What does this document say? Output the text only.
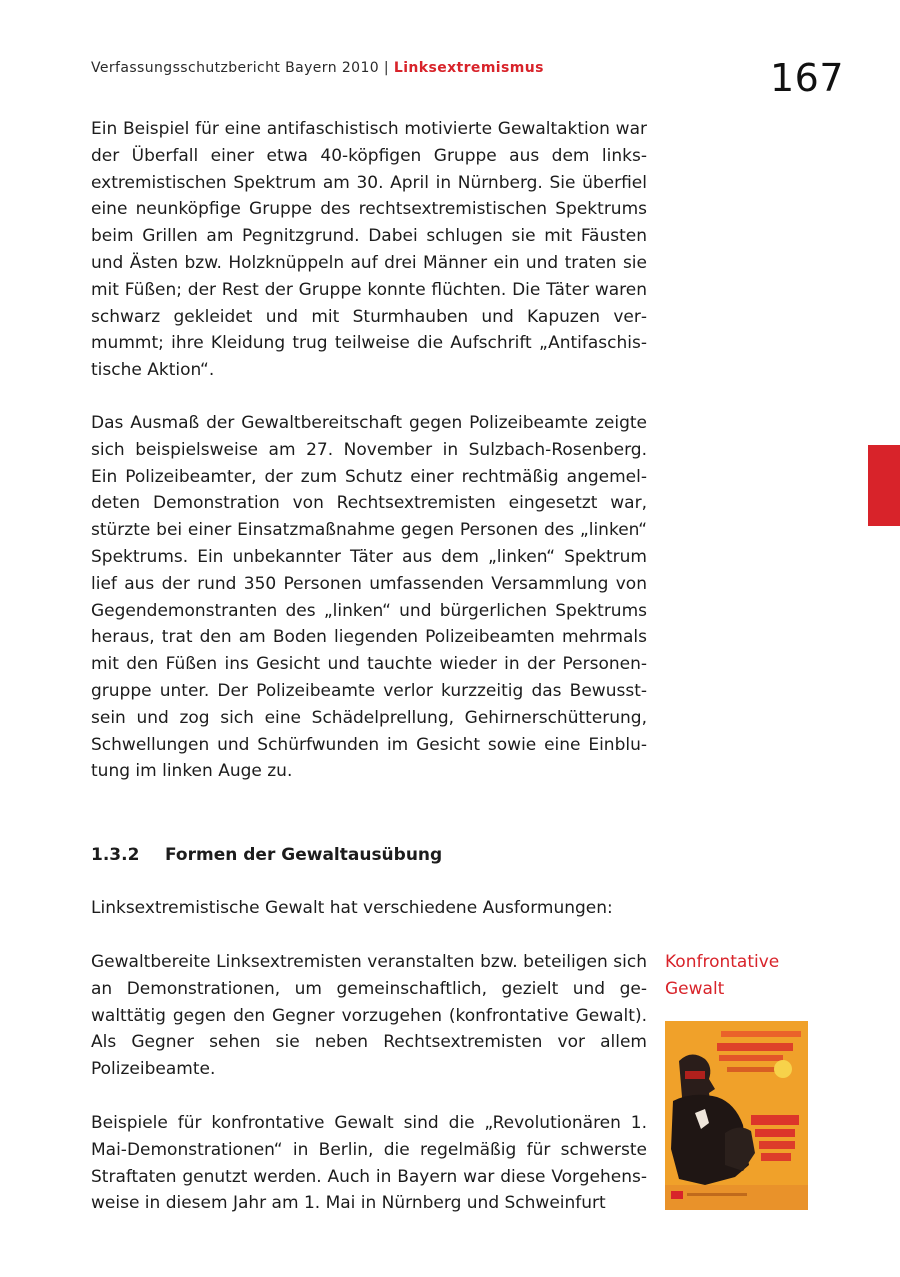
Verfassungsschutzbericht Bayern 2010 | Linksextremismus	167

Ein Beispiel für eine antifaschistisch motivierte Gewaltaktion war der Überfall einer etwa 40-köpfigen Gruppe aus dem linksextremistischen Spektrum am 30. April in Nürnberg. Sie überfiel eine neunköpfige Gruppe des rechtsextremistischen Spektrums beim Grillen am Pegnitzgrund. Dabei schlugen sie mit Fäusten und Ästen bzw. Holzknüppeln auf drei Männer ein und traten sie mit Füßen; der Rest der Gruppe konnte flüchten. Die Täter waren schwarz gekleidet und mit Sturmhauben und Kapuzen vermummt; ihre Kleidung trug teilweise die Aufschrift „Antifaschistische Aktion“.

Das Ausmaß der Gewaltbereitschaft gegen Polizeibeamte zeigte sich beispielsweise am 27. November in Sulzbach-Rosenberg. Ein Polizeibeamter, der zum Schutz einer rechtmäßig angemeldeten Demonstration von Rechtsextremisten eingesetzt war, stürzte bei einer Einsatzmaßnahme gegen Personen des „linken“ Spektrums. Ein unbekannter Täter aus dem „linken“ Spektrum lief aus der rund 350 Personen umfassenden Versammlung von Gegendemonstranten des „linken“ und bürgerlichen Spektrums heraus, trat den am Boden liegenden Polizeibeamten mehrmals mit den Füßen ins Gesicht und tauchte wieder in der Personengruppe unter. Der Polizeibeamte verlor kurzzeitig das Bewusstsein und zog sich eine Schädelprellung, Gehirnerschütterung, Schwellungen und Schürfwunden im Gesicht sowie eine Einblutung im linken Auge zu.

1.3.2 Formen der Gewaltausübung

Linksextremistische Gewalt hat verschiedene Ausformungen:

Gewaltbereite Linksextremisten veranstalten bzw. beteiligen sich an Demonstrationen, um gemeinschaftlich, gezielt und gewalttätig gegen den Gegner vorzugehen (konfrontative Gewalt). Als Gegner sehen sie neben Rechtsextremisten vor allem Polizeibeamte.

Beispiele für konfrontative Gewalt sind die „Revolutionären 1. Mai-Demonstrationen“ in Berlin, die regelmäßig für schwerste Straftaten genutzt werden. Auch in Bayern war diese Vorgehensweise in diesem Jahr am 1. Mai in Nürnberg und Schweinfurt

Konfrontative
Gewalt
